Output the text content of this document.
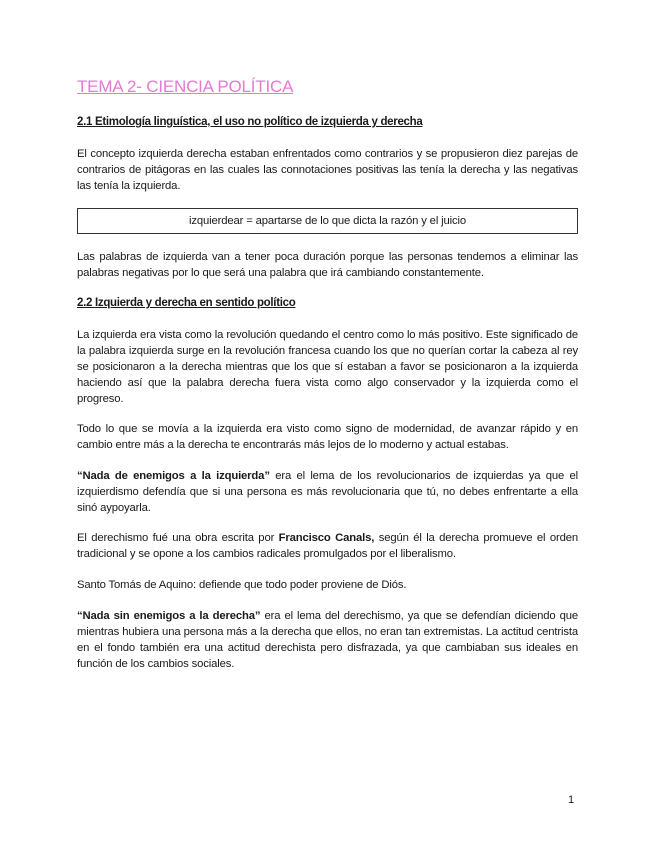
TEMA 2- CIENCIA POLÍTICA
2.1 Etimología linguística, el uso no político de izquierda y derecha

El concepto izquierda derecha estaban enfrentados como contrarios y se propusieron diez parejas de contrarios de pitágoras en las cuales las connotaciones positivas las tenía la derecha y las negativas las tenía la izquierda.

izquierdear = apartarse de lo que dicta la razón y el juicio

Las palabras de izquierda van a tener poca duración porque las personas tendemos a eliminar las palabras negativas por lo que será una palabra que irá cambiando constantemente.

2.2 Izquierda y derecha en sentido político

La izquierda era vista como la revolución quedando el centro como lo más positivo. Este significado de la palabra izquierda surge en la revolución francesa cuando los que no querían cortar la cabeza al rey se posicionaron a la derecha mientras que los que sí estaban a favor se posicionaron a la izquierda haciendo así que la palabra derecha fuera vista como algo conservador y la izquierda como el progreso.

Todo lo que se movía a la izquierda era visto como signo de modernidad, de avanzar rápido y en cambio entre más a la derecha te encontrarás más lejos de lo moderno y actual estabas.

“Nada de enemigos a la izquierda” era el lema de los revolucionarios de izquierdas ya que el izquierdismo defendía que si una persona es más revolucionaria que tú, no debes enfrentarte a ella sinó aypoyarla.

El derechismo fué una obra escrita por Francisco Canals, según él la derecha promueve el orden tradicional y se opone a los cambios radicales promulgados por el liberalismo.

Santo Tomás de Aquino: defiende que todo poder proviene de Diós.

“Nada sin enemigos a la derecha” era el lema del derechismo, ya que se defendían diciendo que mientras hubiera una persona más a la derecha que ellos, no eran tan extremistas. La actitud centrista en el fondo también era una actitud derechista pero disfrazada, ya que cambiaban sus ideales en función de los cambios sociales.

1
